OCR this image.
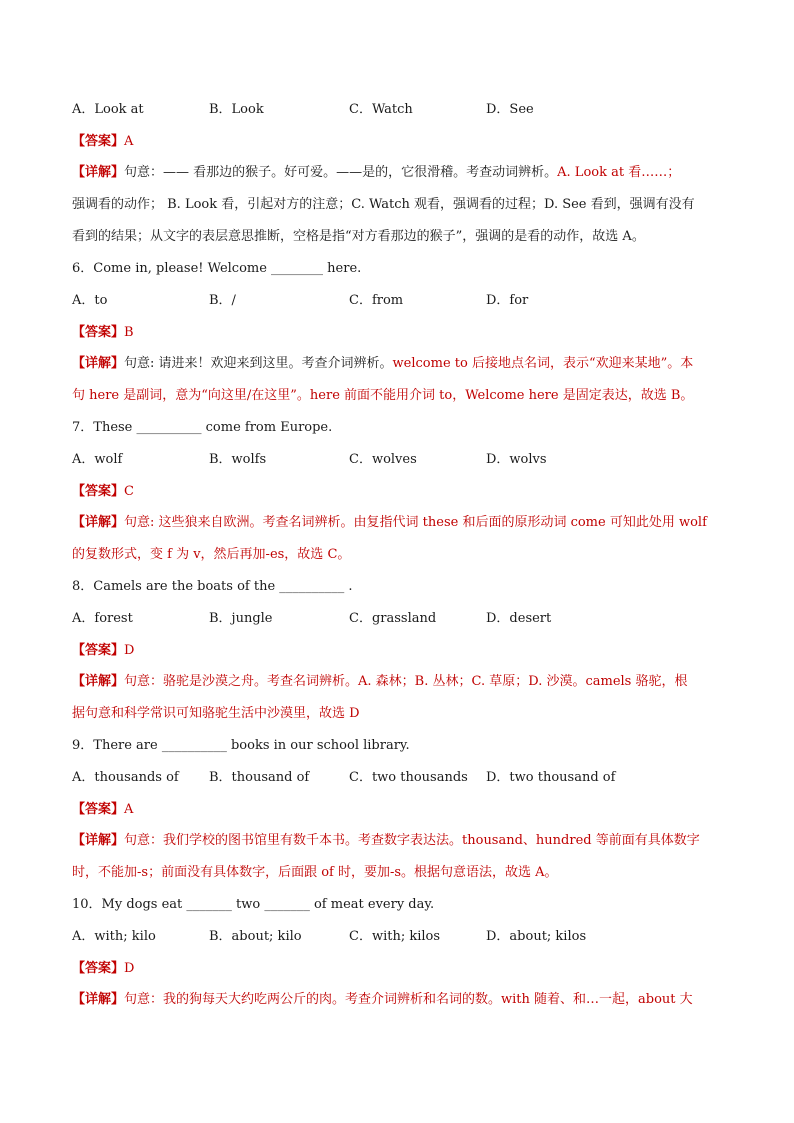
A．Look at	B．Look	C．Watch	D．See
【答案】A
【详解】句意：—— 看那边的猴子。好可爱。——是的，它很滑稽。考查动词辨析。A. Look at 看……；
强调看的动作； B. Look 看，引起对方的注意；C. Watch 观看，强调看的过程；D. See 看到，强调有没有
看到的结果；从文字的表层意思推断，空格是指“对方看那边的猴子”，强调的是看的动作，故选 A。
6．Come in, please! Welcome ________ here.
A．to	B．/	C．from	D．for
【答案】B
【详解】句意: 请进来！欢迎来到这里。考查介词辨析。welcome to 后接地点名词，表示“欢迎来某地”。本
句 here 是副词，意为“向这里/在这里”。here 前面不能用介词 to，Welcome here 是固定表达，故选 B。
7．These __________ come from Europe.
A．wolf	B．wolfs	C．wolves	D．wolvs
【答案】C
【详解】句意: 这些狼来自欧洲。考查名词辨析。由复指代词 these 和后面的原形动词 come 可知此处用 wolf
的复数形式，变 f 为 v，然后再加-es，故选 C。
8．Camels are the boats of the __________ .
A．forest	B．jungle	C．grassland	D．desert
【答案】D
【详解】句意：骆驼是沙漠之舟。考查名词辨析。A. 森林；B. 丛林；C. 草原；D. 沙漠。camels 骆驼，根
据句意和科学常识可知骆驼生活中沙漠里，故选 D
9．There are __________ books in our school library.
A．thousands of B．thousand of	C．two thousands D．two thousand of
【答案】A
【详解】句意：我们学校的图书馆里有数千本书。考查数字表达法。thousand、hundred 等前面有具体数字
时，不能加-s；前面没有具体数字，后面跟 of 时，要加-s。根据句意语法，故选 A。
10．My dogs eat _______ two _______ of meat every day.
A．with; kilo	B．about; kilo	C．with; kilos	D．about; kilos
【答案】D
【详解】句意：我的狗每天大约吃两公斤的肉。考查介词辨析和名词的数。with 随着、和…一起，about 大
